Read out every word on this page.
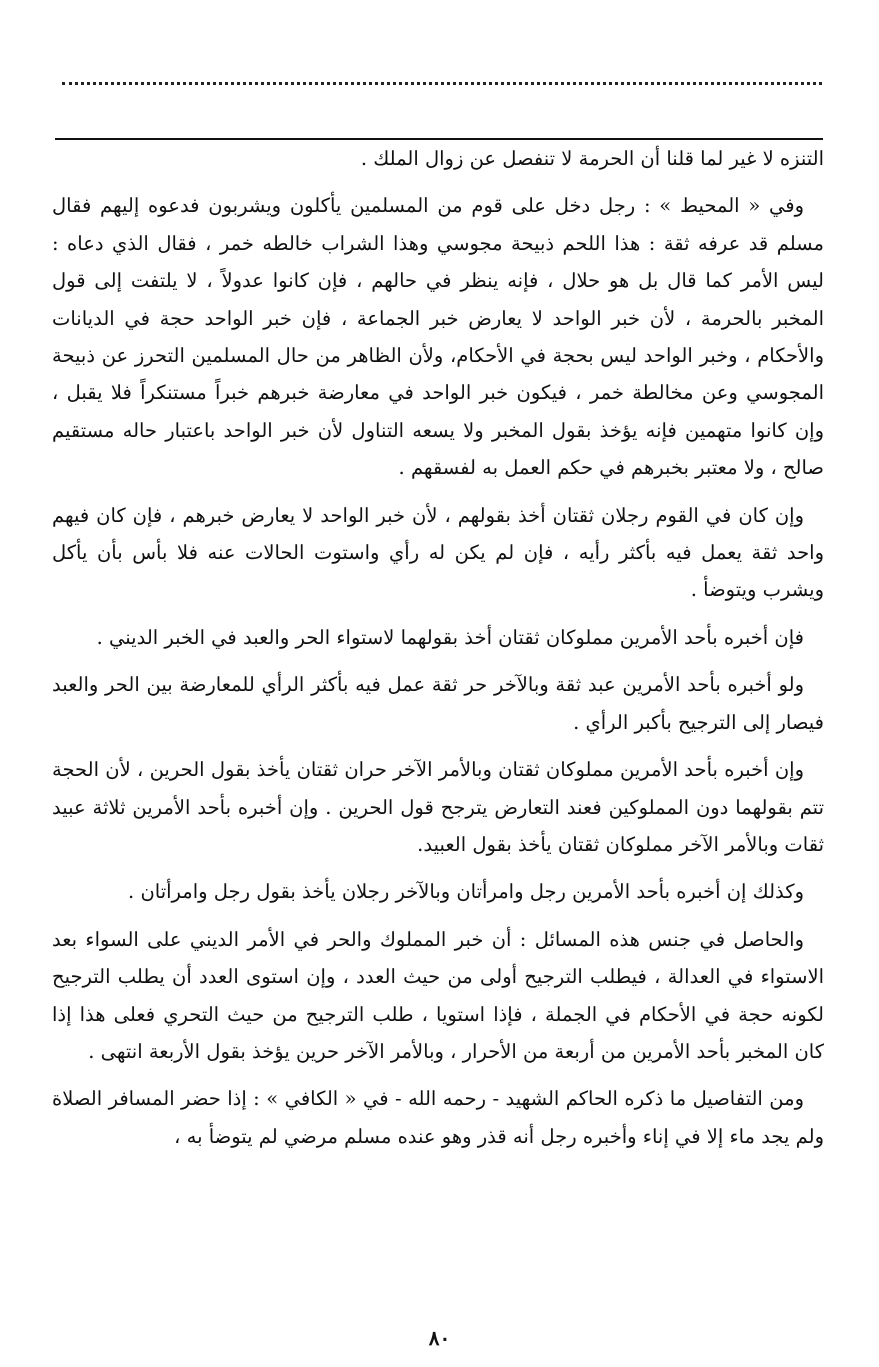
التنزه لا غير لما قلنا أن الحرمة لا تنفصل عن زوال الملك .

وفي « المحيط » : رجل دخل على قوم من المسلمين يأكلون ويشربون فدعوه إليهم فقال مسلم قد عرفه ثقة : هذا اللحم ذبيحة مجوسي وهذا الشراب خالطه خمر ، فقال الذي دعاه : ليس الأمر كما قال بل هو حلال ، فإنه ينظر في حالهم ، فإن كانوا عدولاً ، لا يلتفت إلى قول المخبر بالحرمة ، لأن خبر الواحد لا يعارض خبر الجماعة ، فإن خبر الواحد حجة في الديانات والأحكام ، وخبر الواحد ليس بحجة في الأحكام، ولأن الظاهر من حال المسلمين التحرز عن ذبيحة المجوسي وعن مخالطة خمر ، فيكون خبر الواحد في معارضة خبرهم خبراً مستنكراً فلا يقبل ، وإن كانوا متهمين فإنه يؤخذ بقول المخبر ولا يسعه التناول لأن خبر الواحد باعتبار حاله مستقيم صالح ، ولا معتبر بخبرهم في حكم العمل به لفسقهم .

وإن كان في القوم رجلان ثقتان أخذ بقولهم ، لأن خبر الواحد لا يعارض خبرهم ، فإن كان فيهم واحد ثقة يعمل فيه بأكثر رأيه ، فإن لم يكن له رأي واستوت الحالات عنه فلا بأس بأن يأكل ويشرب ويتوضأ .

فإن أخبره بأحد الأمرين مملوكان ثقتان أخذ بقولهما لاستواء الحر والعبد في الخبر الديني .

ولو أخبره بأحد الأمرين عبد ثقة وبالآخر حر ثقة عمل فيه بأكثر الرأي للمعارضة بين الحر والعبد فيصار إلى الترجيح بأكبر الرأي .

وإن أخبره بأحد الأمرين مملوكان ثقتان وبالأمر الآخر حران ثقتان يأخذ بقول الحرين ، لأن الحجة تتم بقولهما دون المملوكين فعند التعارض يترجح قول الحرين . وإن أخبره بأحد الأمرين ثلاثة عبيد ثقات وبالأمر الآخر مملوكان ثقتان يأخذ بقول العبيد.

وكذلك إن أخبره بأحد الأمرين رجل وامرأتان وبالآخر رجلان يأخذ بقول رجل وامرأتان .

والحاصل في جنس هذه المسائل : أن خبر المملوك والحر في الأمر الديني على السواء بعد الاستواء في العدالة ، فيطلب الترجيح أولى من حيث العدد ، وإن استوى العدد أن يطلب الترجيح لكونه حجة في الأحكام في الجملة ، فإذا استويا ، طلب الترجيح من حيث التحري فعلى هذا إذا كان المخبر بأحد الأمرين من أربعة من الأحرار ، وبالأمر الآخر حرين يؤخذ بقول الأربعة انتهى .

ومن التفاصيل ما ذكره الحاكم الشهيد - رحمه الله - في « الكافي » : إذا حضر المسافر الصلاة ولم يجد ماء إلا في إناء وأخبره رجل أنه قذر وهو عنده مسلم مرضي لم يتوضأ به ،

٨٠
